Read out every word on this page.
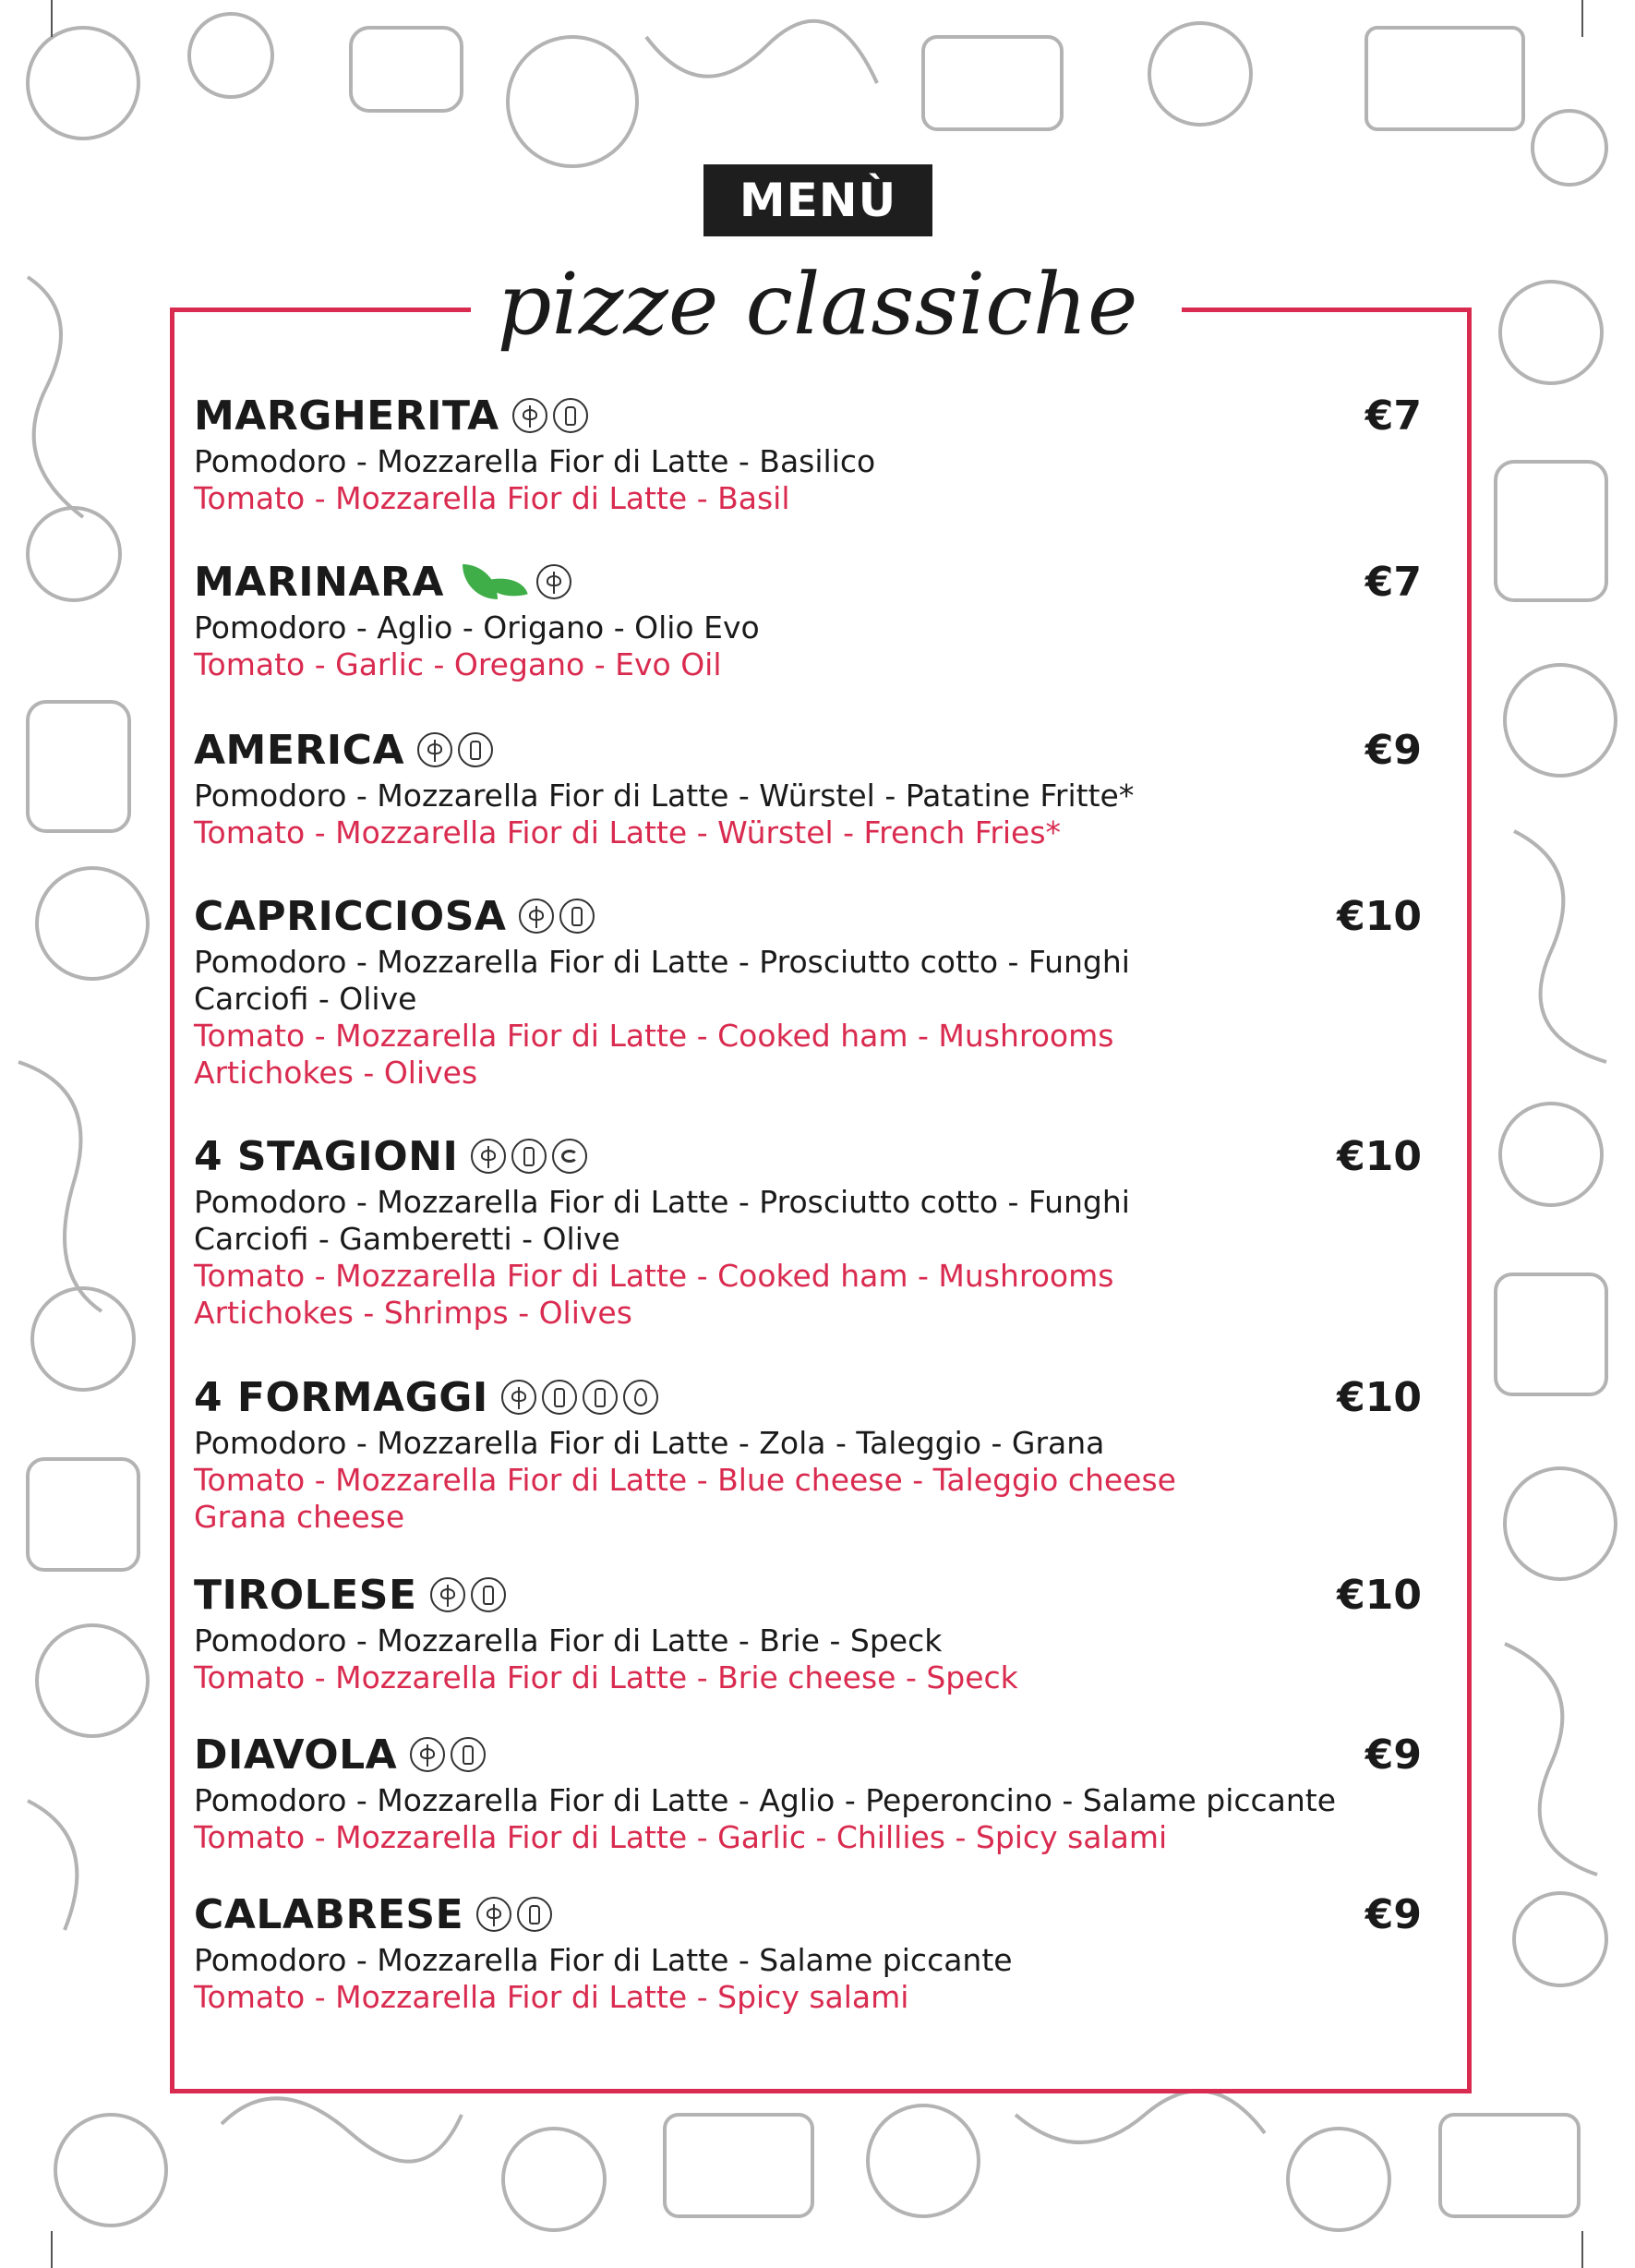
MENÙ
pizze classiche
MARGHERITA	€7
Pomodoro - Mozzarella Fior di Latte - Basilico
Tomato - Mozzarella Fior di Latte - Basil
MARINARA	€7
Pomodoro - Aglio - Origano - Olio Evo
Tomato - Garlic - Oregano - Evo Oil
AMERICA	€9
Pomodoro - Mozzarella Fior di Latte - Würstel - Patatine Fritte*
Tomato - Mozzarella Fior di Latte - Würstel - French Fries*
CAPRICCIOSA	€10
Pomodoro - Mozzarella Fior di Latte - Prosciutto cotto - Funghi
Carciofi - Olive
Tomato - Mozzarella Fior di Latte - Cooked ham - Mushrooms
Artichokes - Olives
4 STAGIONI	€10
Pomodoro - Mozzarella Fior di Latte - Prosciutto cotto - Funghi
Carciofi - Gamberetti - Olive
Tomato - Mozzarella Fior di Latte - Cooked ham - Mushrooms
Artichokes - Shrimps - Olives
4 FORMAGGI	€10
Pomodoro - Mozzarella Fior di Latte - Zola - Taleggio - Grana
Tomato - Mozzarella Fior di Latte - Blue cheese - Taleggio cheese
Grana cheese
TIROLESE	€10
Pomodoro - Mozzarella Fior di Latte - Brie - Speck
Tomato - Mozzarella Fior di Latte - Brie cheese - Speck
DIAVOLA	€9
Pomodoro - Mozzarella Fior di Latte - Aglio - Peperoncino - Salame piccante
Tomato - Mozzarella Fior di Latte - Garlic - Chillies - Spicy salami
CALABRESE	€9
Pomodoro - Mozzarella Fior di Latte - Salame piccante
Tomato - Mozzarella Fior di Latte - Spicy salami
